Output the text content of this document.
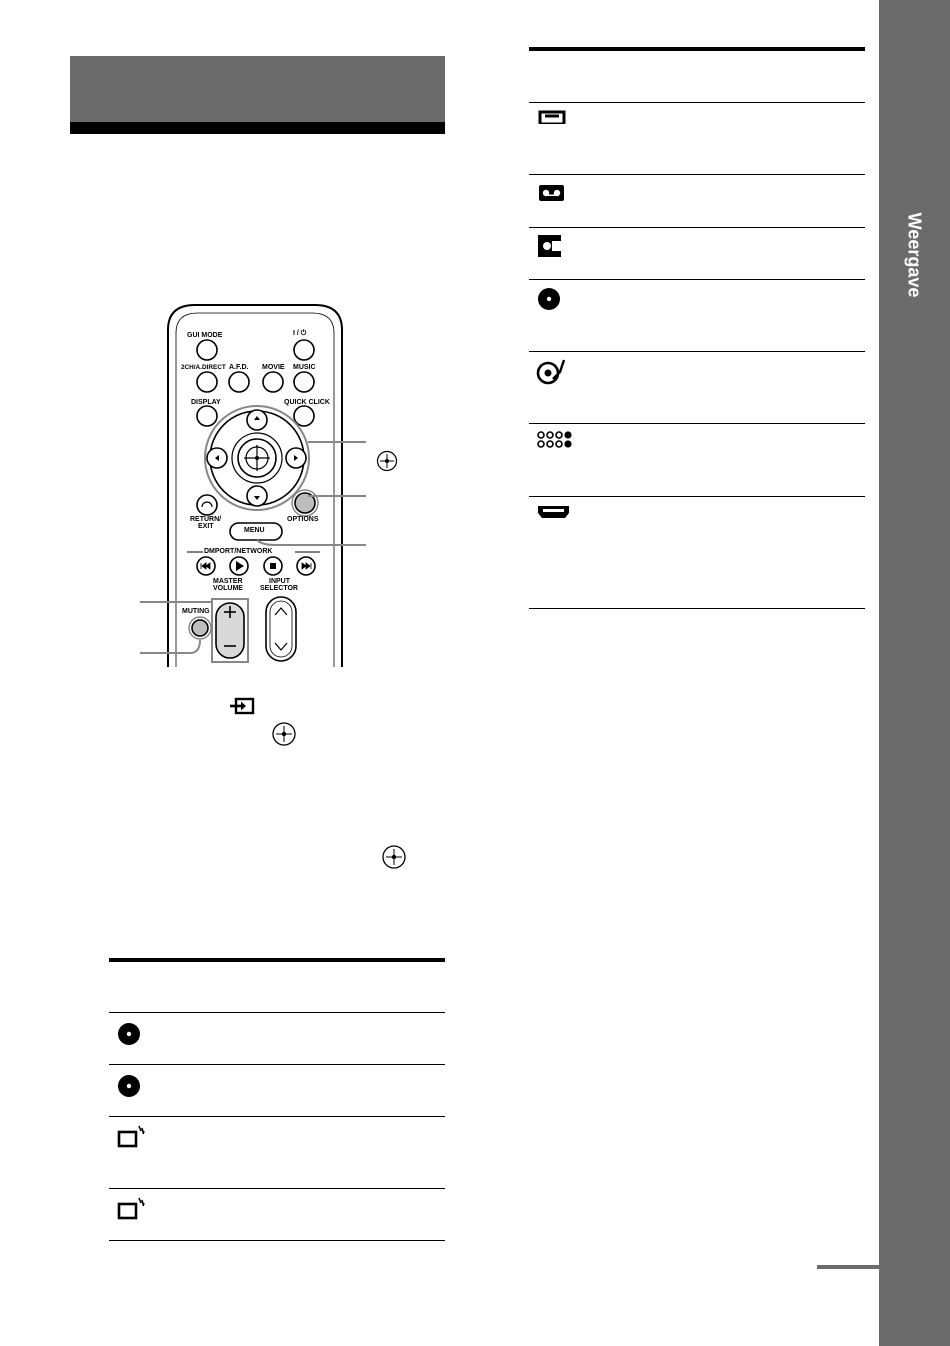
Weergave
GUI MODE	I / ⏻
2CH/A.DIRECT A.F.D. MOVIE MUSIC
DISPLAY	QUICK CLICK
RETURN/
EXIT
OPTIONS
MENU
DMPORT/NETWORK
MASTER
VOLUME
MUTING
INPUT
SELECTOR
